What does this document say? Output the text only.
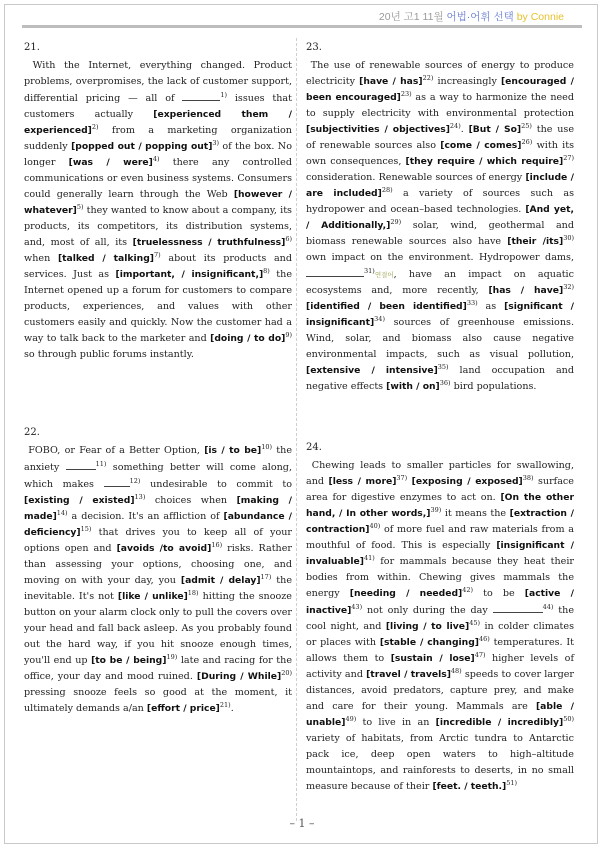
20년 고1 11월 어법·어휘 선택 by Connie
21.

With the Internet, everything changed. Product problems, overpromises, the lack of customer support, differential pricing — all of	$^{1)}$ issues that customers actually [experienced them / experienced]$^{2)}$ from a marketing organization suddenly [popped out / popping out]$^{3)}$ of the box. No longer [was / were]$^{4)}$ there any controlled communications or even business systems. Consumers could generally learn through the Web [however / whatever]$^{5)}$ they wanted to know about a company, its products, its competitors, its distribution systems, and, most of all, its [truelessness / truthfulness]$^{6)}$ when [talked / talking]$^{7)}$ about its products and services. Just as [important, / insignificant,]$^{8)}$ the Internet opened up a forum for customers to compare products, experiences, and values with other customers easily and quickly. Now the customer had a way to talk back to the marketer and [doing / to do]$^{9)}$ so through public forums instantly.

22.

FOBO, or Fear of a Better Option, [is / to be]$^{10)}$ the anxiety	$^{11)}$ something better will come along, which makes	$^{12)}$ undesirable to commit to [existing / existed]$^{13)}$ choices when [making / made]$^{14)}$ a decision. It's an affliction of [abundance / deficiency]$^{15)}$ that drives you to keep all of your options open and [avoids /to avoid]$^{16)}$ risks. Rather than assessing your options, choosing one, and moving on with your day, you [admit / delay]$^{17)}$ the inevitable. It's not [like / unlike]$^{18)}$ hitting the snooze button on your alarm clock only to pull the covers over your head and fall back asleep. As you probably found out the hard way, if you hit snooze enough times, you'll end up [to be / being]$^{19)}$ late and racing for the office, your day and mood ruined. [During / While]$^{20)}$ pressing snooze feels so good at the moment, it ultimately demands a/an [effort / price]$^{21)}$.

23.

The use of renewable sources of energy to produce electricity [have / has]$^{22)}$ increasingly [encouraged / been encouraged]$^{23)}$ as a way to harmonize the need to supply electricity with environmental protection [subjectivities / objectives]$^{24)}$. [But / So]$^{25)}$ the use of renewable sources also [come / comes]$^{26)}$ with its own consequences, [they require / which require]$^{27)}$ consideration. Renewable sources of energy [include / are included]$^{28)}$ a variety of sources such as hydropower and ocean–based technologies. [And yet, / Additionally,]$^{29)}$ solar, wind, geothermal and biomass renewable sources also have [their /its]$^{30)}$ own impact on the environment. Hydropower dams, $^{31)}$연결어, have an impact on aquatic ecosystems and, more recently, [has / have]$^{32)}$ [identified / been identified]$^{33)}$ as [significant / insignificant]$^{34)}$ sources of greenhouse emissions. Wind, solar, and biomass also cause negative environmental impacts, such as visual pollution, [extensive / intensive]$^{35)}$ land occupation and negative effects [with / on]$^{36)}$ bird populations.

24.

Chewing leads to smaller particles for swallowing, and [less / more]$^{37)}$ [exposing / exposed]$^{38)}$ surface area for digestive enzymes to act on. [On the other hand, / In other words,]$^{39)}$ it means the [extraction / contraction]$^{40)}$ of more fuel and raw materials from a mouthful of food. This is especially [insignificant / invaluable]$^{41)}$ for mammals because they heat their bodies from within. Chewing gives mammals the energy [needing / needed]$^{42)}$ to be [active / inactive]$^{43)}$ not only during the day	$^{44)}$ the cool night, and [living / to live]$^{45)}$ in colder climates or places with [stable / changing]$^{46)}$ temperatures. It allows them to [sustain / lose]$^{47)}$ higher levels of activity and [travel / travels]$^{48)}$ speeds to cover larger distances, avoid predators, capture prey, and make and care for their young. Mammals are [able / unable]$^{49)}$ to live in an [incredible / incredibly]$^{50)}$ variety of habitats, from Arctic tundra to Antarctic pack ice, deep open waters to high–altitude mountaintops, and rainforests to deserts, in no small measure because of their [feet. / teeth.]$^{51)}$

– 1 –
